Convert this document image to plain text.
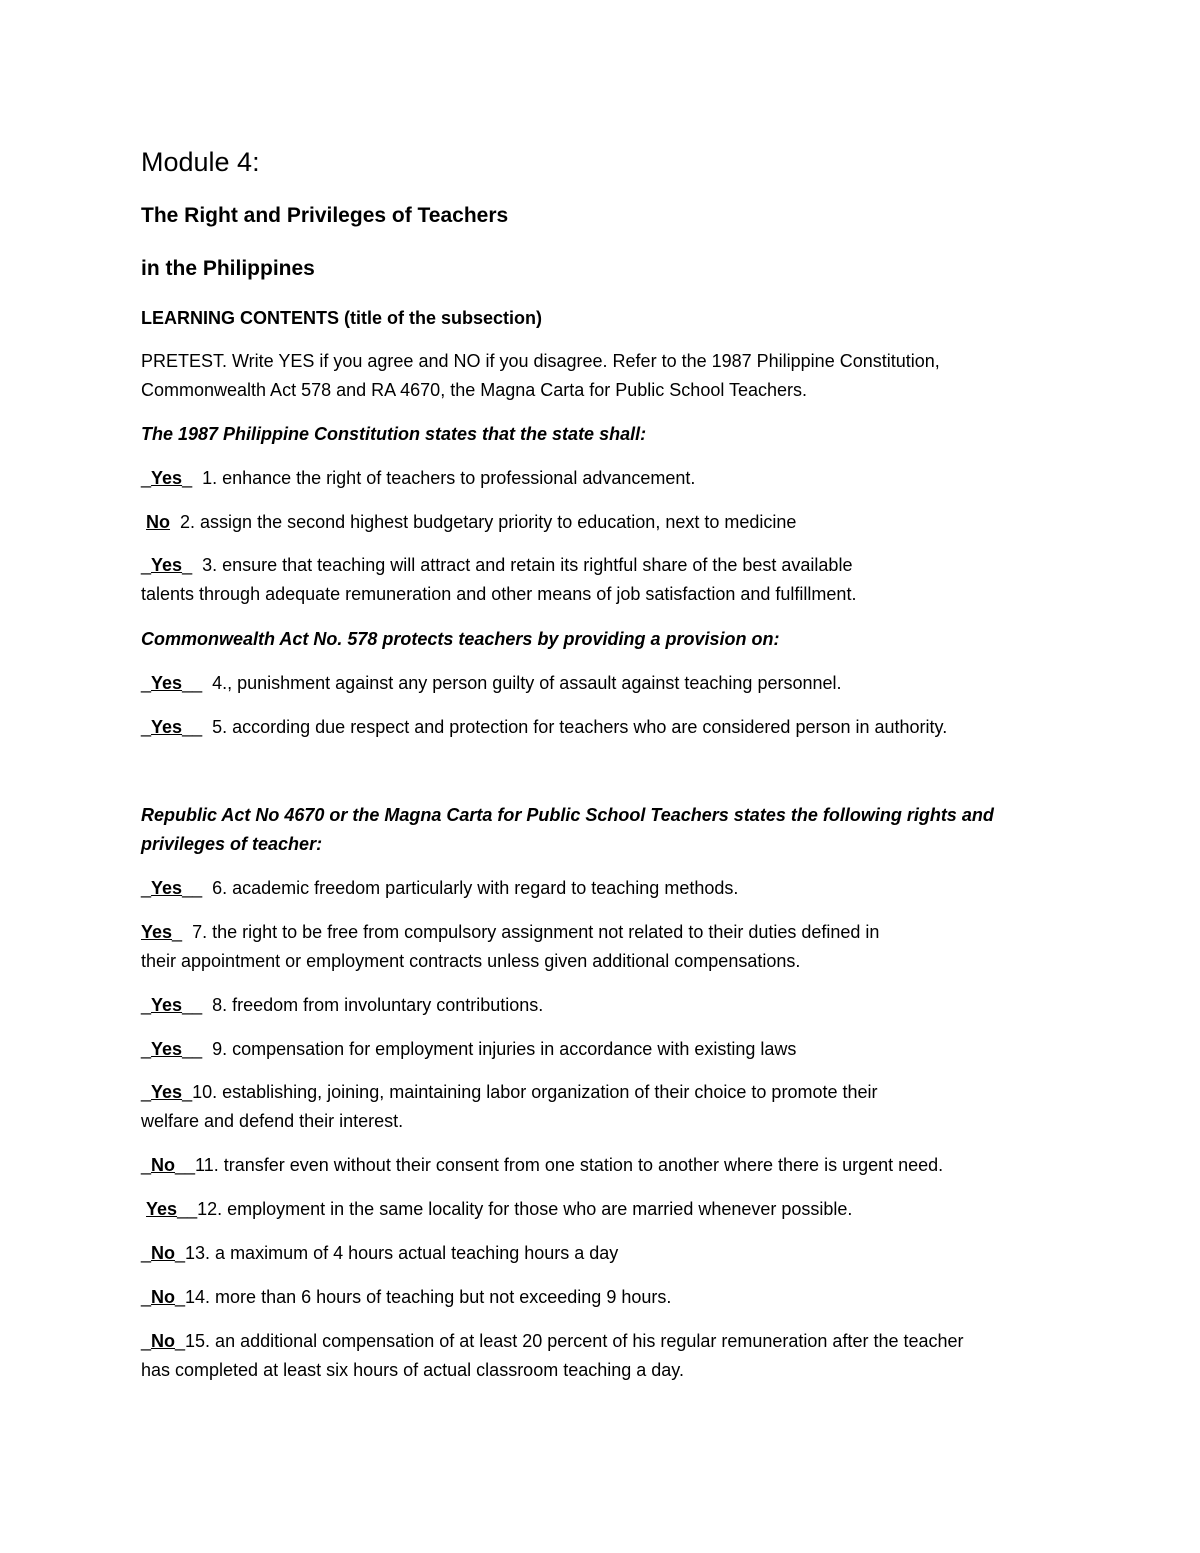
Module 4:
The Right and Privileges of Teachers
in the Philippines
LEARNING CONTENTS (title of the subsection)
PRETEST. Write YES if you agree and NO if you disagree. Refer to the 1987 Philippine Constitution,
Commonwealth Act 578 and RA 4670, the Magna Carta for Public School Teachers.
The 1987 Philippine Constitution states that the state shall:
_Yes_  1. enhance the right of teachers to professional advancement.
No  2. assign the second highest budgetary priority to education, next to medicine
_Yes_  3. ensure that teaching will attract and retain its rightful share of the best available
talents through adequate remuneration and other means of job satisfaction and fulfillment.
Commonwealth Act No. 578 protects teachers by providing a provision on:
_Yes__  4., punishment against any person guilty of assault against teaching personnel.
_Yes__  5. according due respect and protection for teachers who are considered person in authority.
Republic Act No 4670 or the Magna Carta for Public School Teachers states the following rights and
privileges of teacher:
_Yes__  6. academic freedom particularly with regard to teaching methods.
Yes_  7. the right to be free from compulsory assignment not related to their duties defined in
their appointment or employment contracts unless given additional compensations.
_Yes__  8. freedom from involuntary contributions.
_Yes__  9. compensation for employment injuries in accordance with existing laws
_Yes_10. establishing, joining, maintaining labor organization of their choice to promote their
welfare and defend their interest.
_No__11. transfer even without their consent from one station to another where there is urgent need.
Yes__12. employment in the same locality for those who are married whenever possible.
_No_13. a maximum of 4 hours actual teaching hours a day
_No_14. more than 6 hours of teaching but not exceeding 9 hours.
_No_15. an additional compensation of at least 20 percent of his regular remuneration after the teacher
has completed at least six hours of actual classroom teaching a day.
